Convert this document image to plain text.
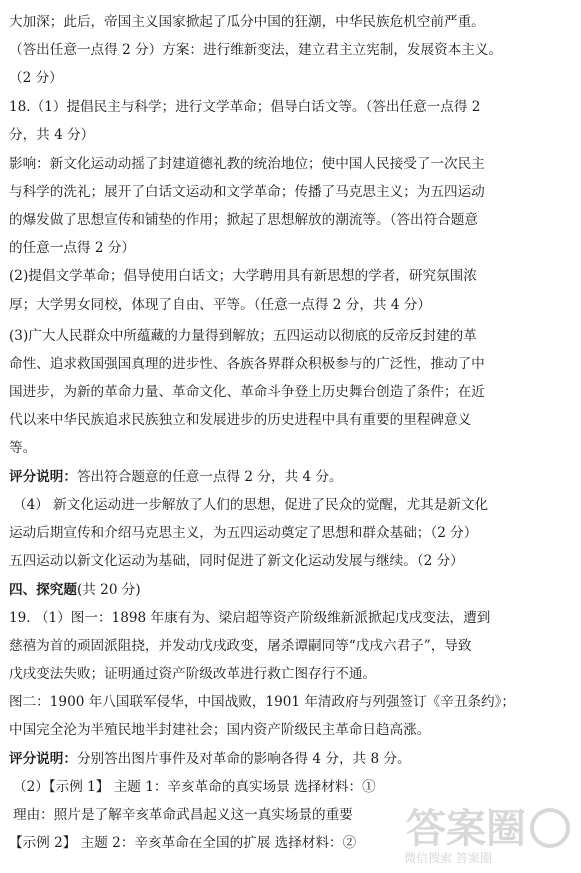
大加深；此后，帝国主义国家掀起了瓜分中国的狂潮，中华民族危机空前严重。
（答出任意一点得 2 分）方案：进行维新变法，建立君主立宪制，发展资本主义。
（2 分）
18.（1）提倡民主与科学；进行文学革命；倡导白话文等。（答出任意一点得 2
分，共 4 分）
影响：新文化运动动摇了封建道德礼教的统治地位；使中国人民接受了一次民主
与科学的洗礼；展开了白话文运动和文学革命；传播了马克思主义；为五四运动
的爆发做了思想宣传和铺垫的作用；掀起了思想解放的潮流等。（答出符合题意
的任意一点得 2 分）
(2)提倡文学革命；倡导使用白话文；大学聘用具有新思想的学者，研究氛围浓
厚；大学男女同校，体现了自由、平等。（任意一点得 2 分，共 4 分）
(3)广大人民群众中所蕴藏的力量得到解放；五四运动以彻底的反帝反封建的革
命性、追求救国强国真理的进步性、各族各界群众积极参与的广泛性，推动了中
国进步，为新的革命力量、革命文化、革命斗争登上历史舞台创造了条件；在近
代以来中华民族追求民族独立和发展进步的历史进程中具有重要的里程碑意义
等。
评分说明：答出符合题意的任意一点得 2 分，共 4 分。
（4） 新文化运动进一步解放了人们的思想，促进了民众的觉醒，尤其是新文化
运动后期宣传和介绍马克思主义，为五四运动奠定了思想和群众基础；（2 分）
五四运动以新文化运动为基础，同时促进了新文化运动发展与继续。（2 分）
四、探究题(共 20 分)
19. （1）图一：1898 年康有为、梁启超等资产阶级维新派掀起戊戌变法，遭到
慈禧为首的顽固派阻挠，并发动戊戌政变，屠杀谭嗣同等“戊戌六君子”，导致
戊戌变法失败；证明通过资产阶级改革进行救亡图存行不通。
图二：1900 年八国联军侵华，中国战败，1901 年清政府与列强签订《辛丑条约》；
中国完全沦为半殖民地半封建社会；国内资产阶级民主革命日趋高涨。
评分说明：分别答出图片事件及对革命的影响各得 4 分，共 8 分。
（2）【示例 1】 主题 1：辛亥革命的真实场景 选择材料：①
理由：照片是了解辛亥革命武昌起义这一真实场景的重要
【示例 2】 主题 2：辛亥革命在全国的扩展 选择材料：②	答案圈
微信搜索 答案圈
